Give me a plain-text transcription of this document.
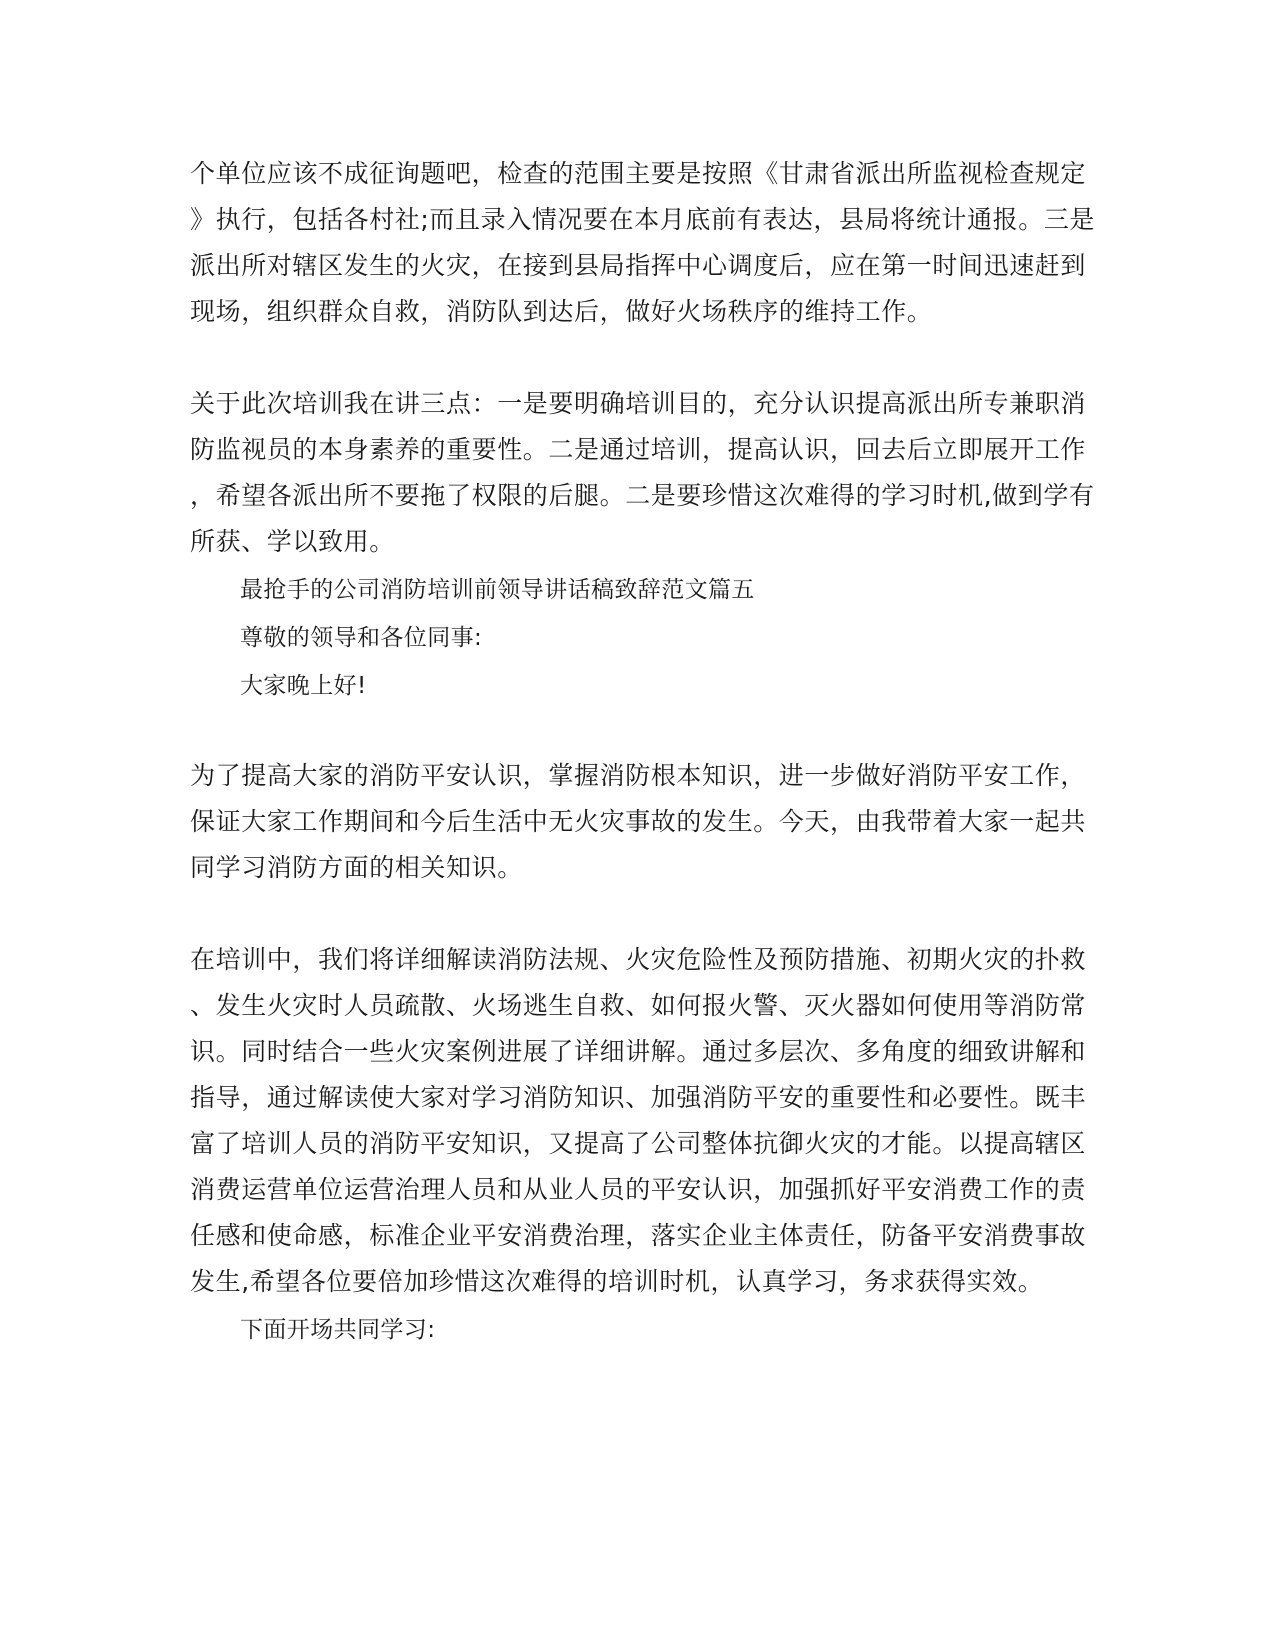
个单位应该不成征询题吧，检查的范围主要是按照《甘肃省派出所监视检查规定
》执行，包括各村社;而且录入情况要在本月底前有表达，县局将统计通报。三是
派出所对辖区发生的火灾，在接到县局指挥中心调度后，应在第一时间迅速赶到
现场，组织群众自救，消防队到达后，做好火场秩序的维持工作。
关于此次培训我在讲三点：一是要明确培训目的，充分认识提高派出所专兼职消
防监视员的本身素养的重要性。二是通过培训，提高认识，回去后立即展开工作
，希望各派出所不要拖了权限的后腿。二是要珍惜这次难得的学习时机,做到学有
所获、学以致用。
最抢手的公司消防培训前领导讲话稿致辞范文篇五
尊敬的领导和各位同事:
大家晚上好!
为了提高大家的消防平安认识，掌握消防根本知识，进一步做好消防平安工作，
保证大家工作期间和今后生活中无火灾事故的发生。今天，由我带着大家一起共
同学习消防方面的相关知识。
在培训中，我们将详细解读消防法规、火灾危险性及预防措施、初期火灾的扑救
、发生火灾时人员疏散、火场逃生自救、如何报火警、灭火器如何使用等消防常
识。同时结合一些火灾案例进展了详细讲解。通过多层次、多角度的细致讲解和
指导，通过解读使大家对学习消防知识、加强消防平安的重要性和必要性。既丰
富了培训人员的消防平安知识，又提高了公司整体抗御火灾的才能。以提高辖区
消费运营单位运营治理人员和从业人员的平安认识，加强抓好平安消费工作的责
任感和使命感，标准企业平安消费治理，落实企业主体责任，防备平安消费事故
发生,希望各位要倍加珍惜这次难得的培训时机，认真学习，务求获得实效。
下面开场共同学习:
